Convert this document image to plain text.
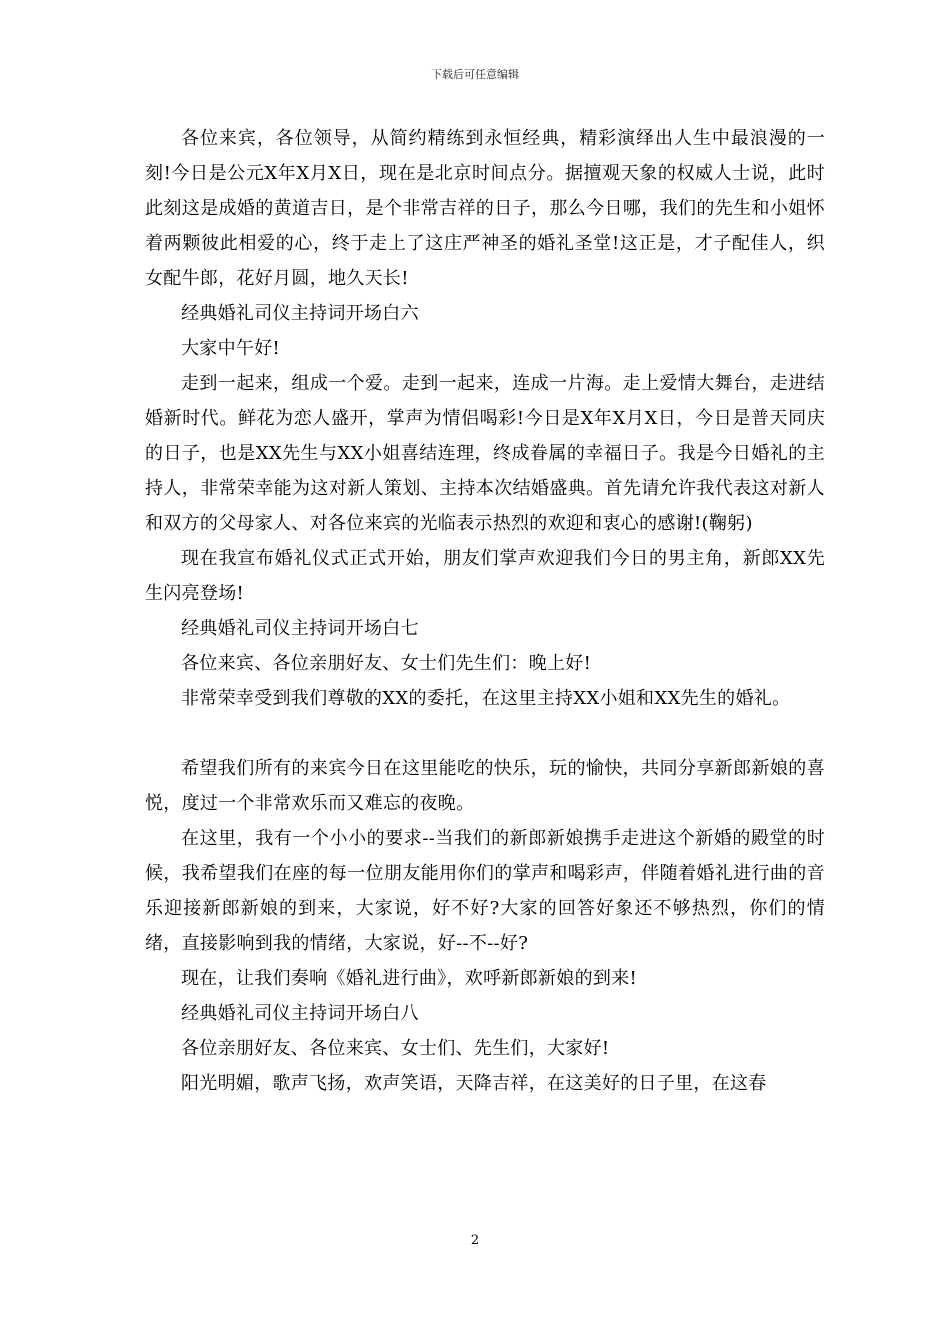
下载后可任意编辑

各位来宾，各位领导，从简约精练到永恒经典，精彩演绎出人生中最浪漫的一刻!今日是公元X年X月X日，现在是北京时间点分。据擅观天象的权威人士说，此时此刻这是成婚的黄道吉日，是个非常吉祥的日子，那么今日哪，我们的先生和小姐怀着两颗彼此相爱的心，终于走上了这庄严神圣的婚礼圣堂!这正是，才子配佳人，织女配牛郎，花好月圆，地久天长!

经典婚礼司仪主持词开场白六

大家中午好!

走到一起来，组成一个爱。走到一起来，连成一片海。走上爱情大舞台，走进结婚新时代。鲜花为恋人盛开，掌声为情侣喝彩!今日是X年X月X日，今日是普天同庆的日子，也是XX先生与XX小姐喜结连理，终成眷属的幸福日子。我是今日婚礼的主持人，非常荣幸能为这对新人策划、主持本次结婚盛典。首先请允许我代表这对新人和双方的父母家人、对各位来宾的光临表示热烈的欢迎和衷心的感谢!(鞠躬)

现在我宣布婚礼仪式正式开始，朋友们掌声欢迎我们今日的男主角，新郎XX先生闪亮登场!

经典婚礼司仪主持词开场白七

各位来宾、各位亲朋好友、女士们先生们：晚上好!

非常荣幸受到我们尊敬的XX的委托，在这里主持XX小姐和XX先生的婚礼。

希望我们所有的来宾今日在这里能吃的快乐，玩的愉快，共同分享新郎新娘的喜悦，度过一个非常欢乐而又难忘的夜晚。

在这里，我有一个小小的要求--当我们的新郎新娘携手走进这个新婚的殿堂的时候，我希望我们在座的每一位朋友能用你们的掌声和喝彩声，伴随着婚礼进行曲的音乐迎接新郎新娘的到来，大家说，好不好?大家的回答好象还不够热烈，你们的情绪，直接影响到我的情绪，大家说，好--不--好?

现在，让我们奏响《婚礼进行曲》，欢呼新郎新娘的到来!

经典婚礼司仪主持词开场白八

各位亲朋好友、各位来宾、女士们、先生们，大家好!

阳光明媚，歌声飞扬，欢声笑语，天降吉祥，在这美好的日子里，在这春

2
